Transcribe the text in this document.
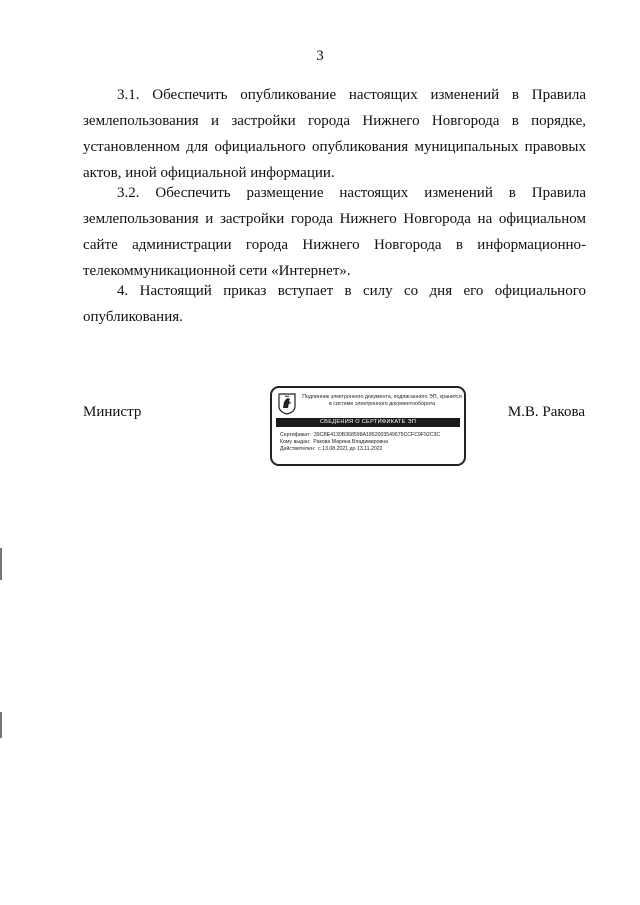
3

3.1. Обеспечить опубликование настоящих изменений в Правила землепользования и застройки города Нижнего Новгорода в порядке, установленном для официального опубликования муниципальных правовых актов, иной официальной информации.

3.2. Обеспечить размещение настоящих изменений в Правила землепользования и застройки города Нижнего Новгорода на официальном сайте администрации города Нижнего Новгорода в информационно-телекоммуникационной сети «Интернет».

4. Настоящий приказ вступает в силу со дня его официального опубликования.

Министр
Подлинник электронного документа, подписанного ЭП, хранится в системе электронного документооборота
СВЕДЕНИЯ О СЕРТИФИКАТЕ ЭП
Сертификат: 39CBE4130B368598A1852003549675CCFC9F92C3C
Кому выдан: Ракова Марина Владимировна
Действителен: с 13.08.2021 до 13.11.2022
М.В. Ракова
